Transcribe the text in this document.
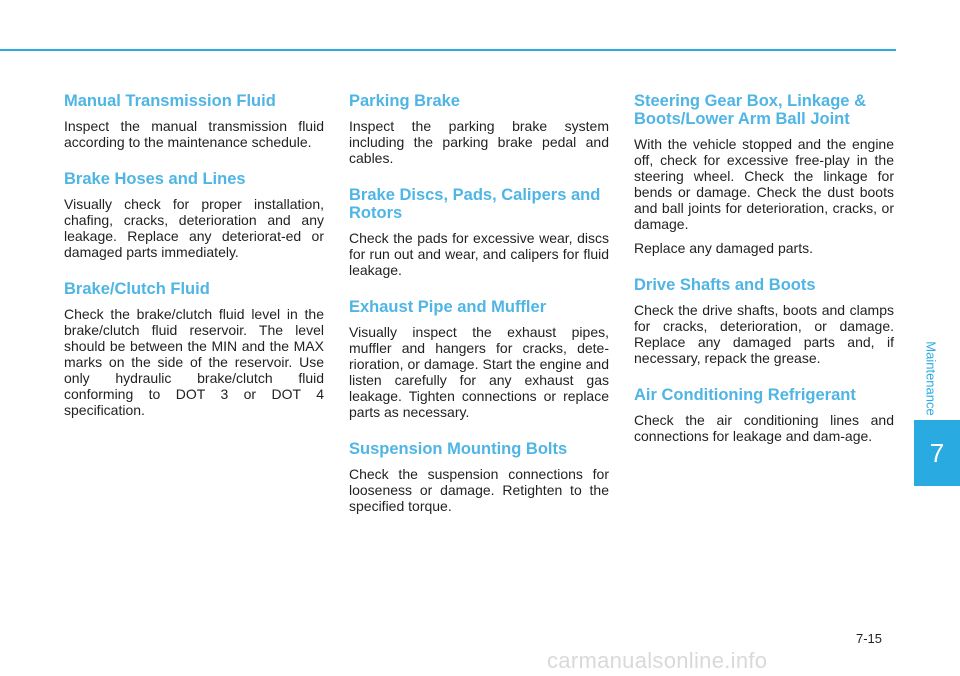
Manual Transmission Fluid

Inspect the manual transmission fluid according to the maintenance schedule.

Brake Hoses and Lines

Visually check for proper installation, chafing, cracks, deterioration and any leakage. Replace any deteriorat-ed or damaged parts immediately.

Brake/Clutch Fluid

Check the brake/clutch fluid level in the brake/clutch fluid reservoir. The level should be between the MIN and the MAX marks on the side of the reservoir. Use only hydraulic brake/clutch fluid conforming to DOT 3 or DOT 4 specification.

Parking Brake

Inspect the parking brake system including the parking brake pedal and cables.

Brake Discs, Pads, Calipers and Rotors

Check the pads for excessive wear, discs for run out and wear, and calipers for fluid leakage.

Exhaust Pipe and Muffler

Visually inspect the exhaust pipes, muffler and hangers for cracks, dete-rioration, or damage. Start the engine and listen carefully for any exhaust gas leakage. Tighten connections or replace parts as necessary.

Suspension Mounting Bolts

Check the suspension connections for looseness or damage. Retighten to the specified torque.

Steering Gear Box, Linkage & Boots/Lower Arm Ball Joint

With the vehicle stopped and the engine off, check for excessive free-play in the steering wheel. Check the linkage for bends or damage. Check the dust boots and ball joints for deterioration, cracks, or damage.

Replace any damaged parts.

Drive Shafts and Boots

Check the drive shafts, boots and clamps for cracks, deterioration, or damage. Replace any damaged parts and, if necessary, repack the grease.

Air Conditioning Refrigerant

Check the air conditioning lines and connections for leakage and dam-age.

Maintenance
7
7-15
carmanualsonline.info
